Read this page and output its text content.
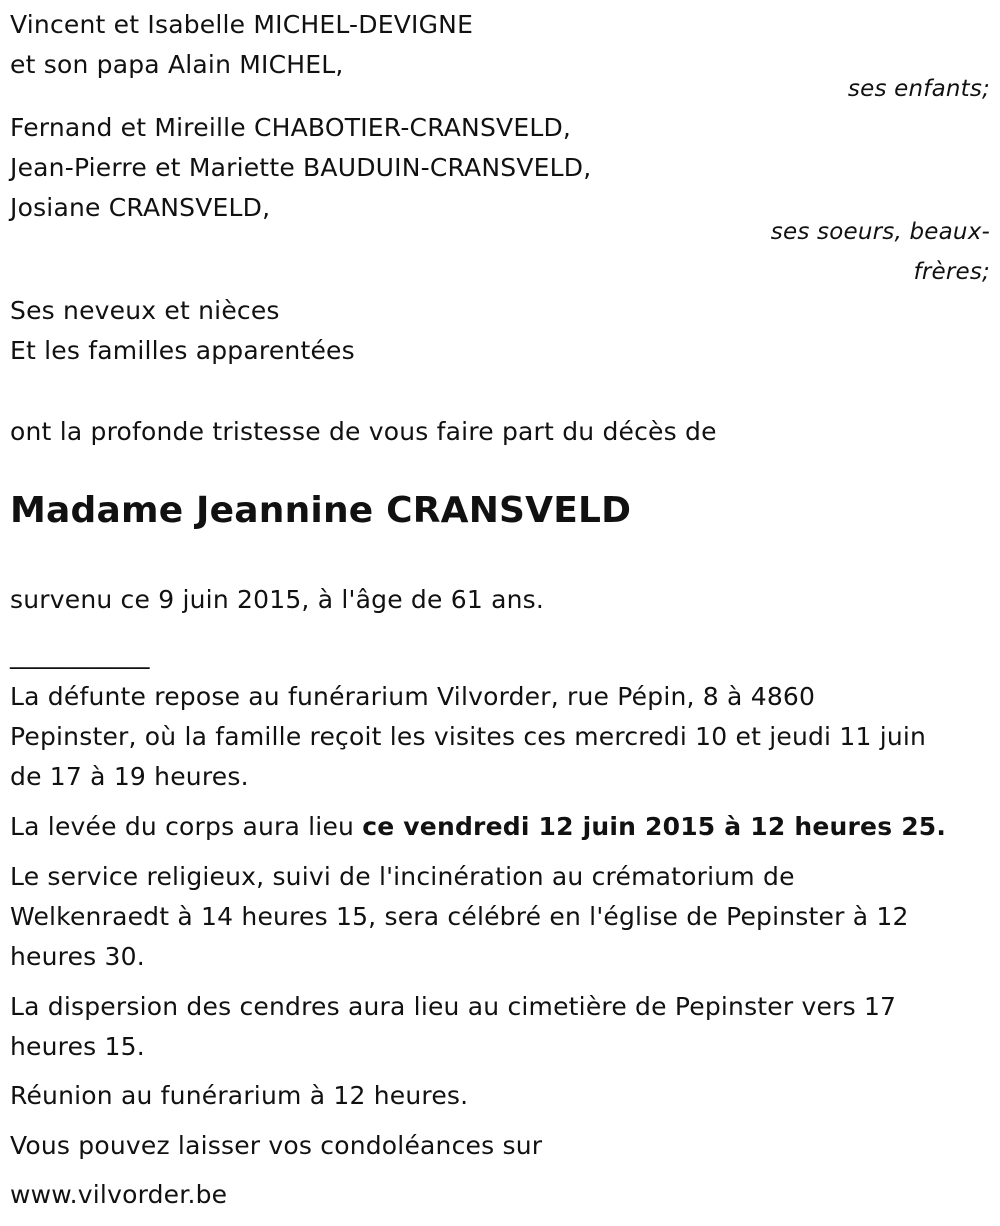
Vincent et Isabelle MICHEL-DEVIGNE
et son papa Alain MICHEL,
ses enfants;
Fernand et Mireille CHABOTIER-CRANSVELD,
Jean-Pierre et Mariette BAUDUIN-CRANSVELD,
Josiane CRANSVELD,
ses soeurs, beaux-
frères;
Ses neveux et nièces
Et les familles apparentées
ont la profonde tristesse de vous faire part du décès de
Madame Jeannine CRANSVELD
survenu ce 9 juin 2015, à l'âge de 61 ans.
___________
La défunte repose au funérarium Vilvorder, rue Pépin, 8 à 4860
Pepinster, où la famille reçoit les visites ces mercredi 10 et jeudi 11 juin
de 17 à 19 heures.
La levée du corps aura lieu ce vendredi 12 juin 2015 à 12 heures 25.
Le service religieux, suivi de l'incinération au crématorium de
Welkenraedt à 14 heures 15, sera célébré en l'église de Pepinster à 12
heures 30.
La dispersion des cendres aura lieu au cimetière de Pepinster vers 17
heures 15.
Réunion au funérarium à 12 heures.
Vous pouvez laisser vos condoléances sur
www.vilvorder.be
